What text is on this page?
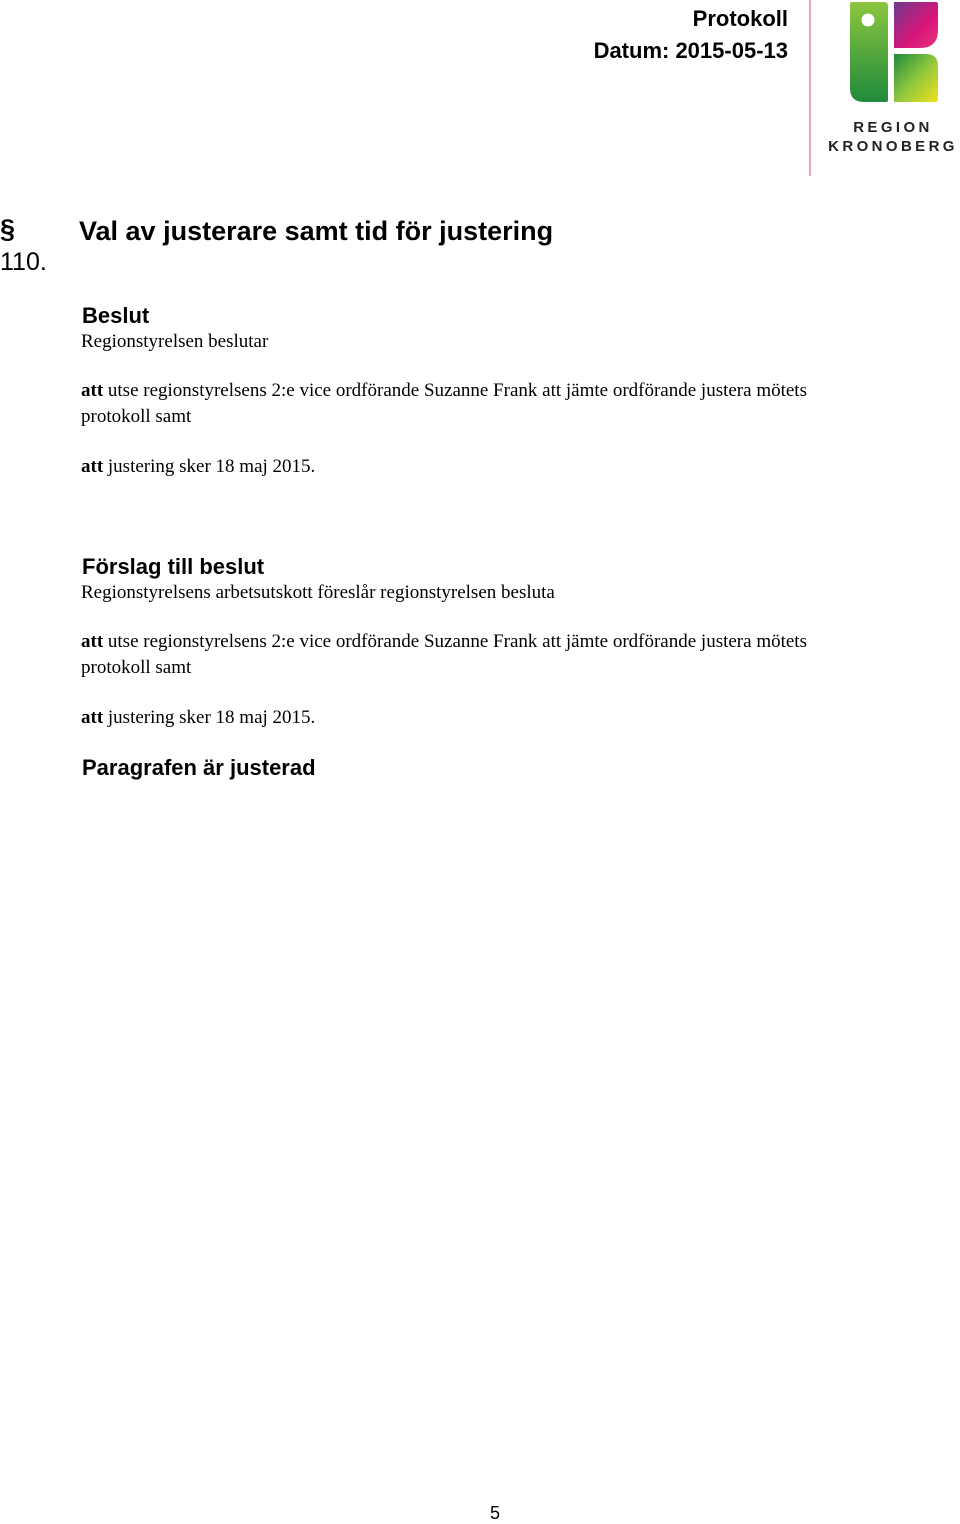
Protokoll
Datum: 2015-05-13
REGION
KRONOBERG
§
110.
Val av justerare samt tid för justering
Beslut
Regionstyrelsen beslutar
att utse regionstyrelsens 2:e vice ordförande Suzanne Frank att jämte ordförande justera mötets protokoll samt
att justering sker 18 maj 2015.
Förslag till beslut
Regionstyrelsens arbetsutskott föreslår regionstyrelsen besluta
att utse regionstyrelsens 2:e vice ordförande Suzanne Frank att jämte ordförande justera mötets protokoll samt
att justering sker 18 maj 2015.
Paragrafen är justerad
5
